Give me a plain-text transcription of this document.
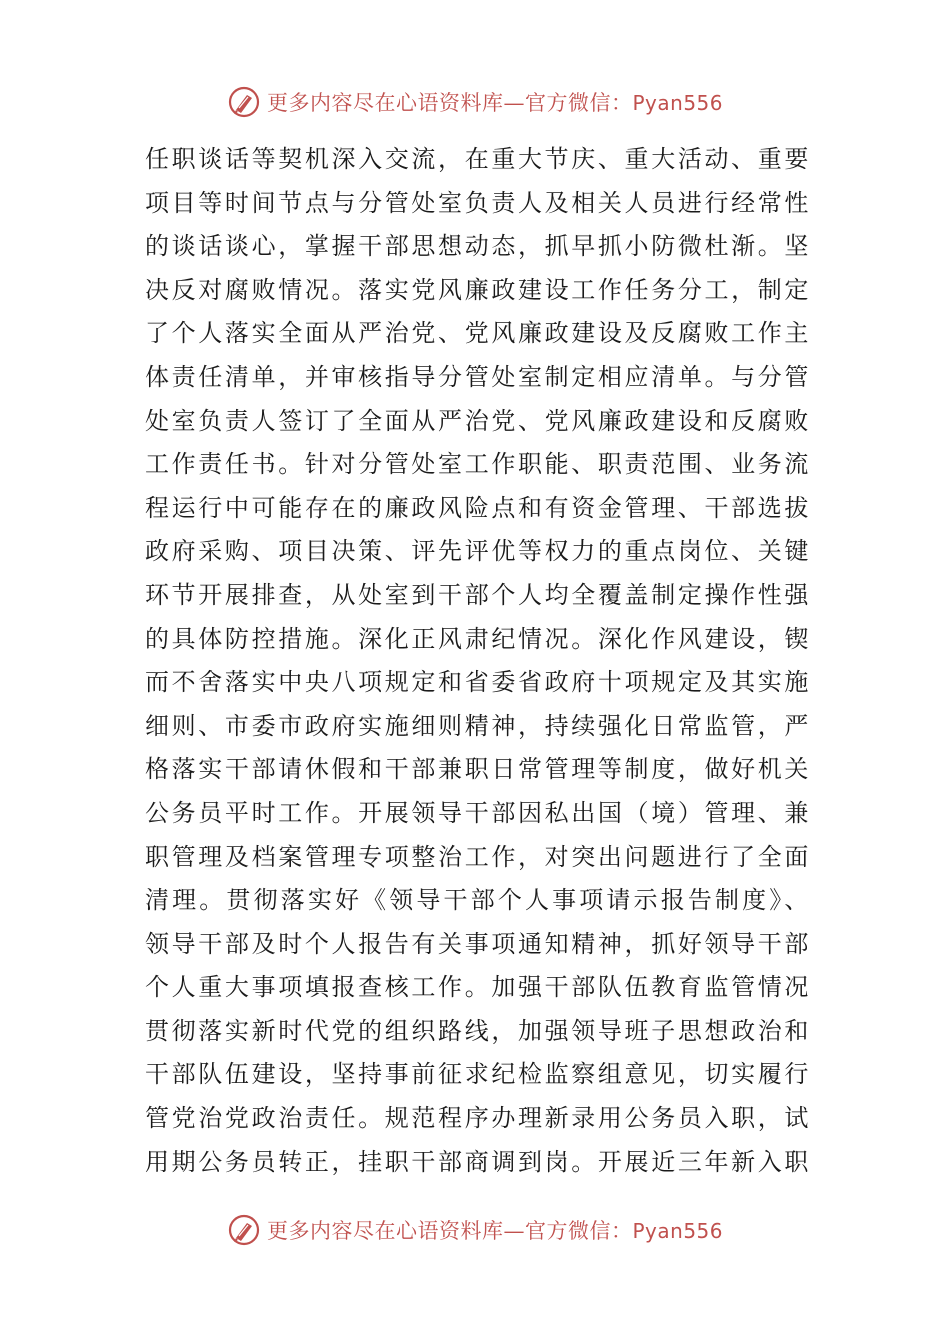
更多内容尽在心语资料库—官方微信：Pyan556
任职谈话等契机深入交流，在重大节庆、重大活动、重要
项目等时间节点与分管处室负责人及相关人员进行经常性
的谈话谈心，掌握干部思想动态，抓早抓小防微杜渐。坚
决反对腐败情况。落实党风廉政建设工作任务分工，制定
了个人落实全面从严治党、党风廉政建设及反腐败工作主
体责任清单，并审核指导分管处室制定相应清单。与分管
处室负责人签订了全面从严治党、党风廉政建设和反腐败
工作责任书。针对分管处室工作职能、职责范围、业务流
程运行中可能存在的廉政风险点和有资金管理、干部选拔
政府采购、项目决策、评先评优等权力的重点岗位、关键
环节开展排查，从处室到干部个人均全覆盖制定操作性强
的具体防控措施。深化正风肃纪情况。深化作风建设，锲
而不舍落实中央八项规定和省委省政府十项规定及其实施
细则、市委市政府实施细则精神，持续强化日常监管，严
格落实干部请休假和干部兼职日常管理等制度，做好机关
公务员平时工作。开展领导干部因私出国（境）管理、兼
职管理及档案管理专项整治工作，对突出问题进行了全面
清理。贯彻落实好《领导干部个人事项请示报告制度》、
领导干部及时个人报告有关事项通知精神，抓好领导干部
个人重大事项填报查核工作。加强干部队伍教育监管情况
贯彻落实新时代党的组织路线，加强领导班子思想政治和
干部队伍建设，坚持事前征求纪检监察组意见，切实履行
管党治党政治责任。规范程序办理新录用公务员入职，试
用期公务员转正，挂职干部商调到岗。开展近三年新入职
更多内容尽在心语资料库—官方微信：Pyan556
